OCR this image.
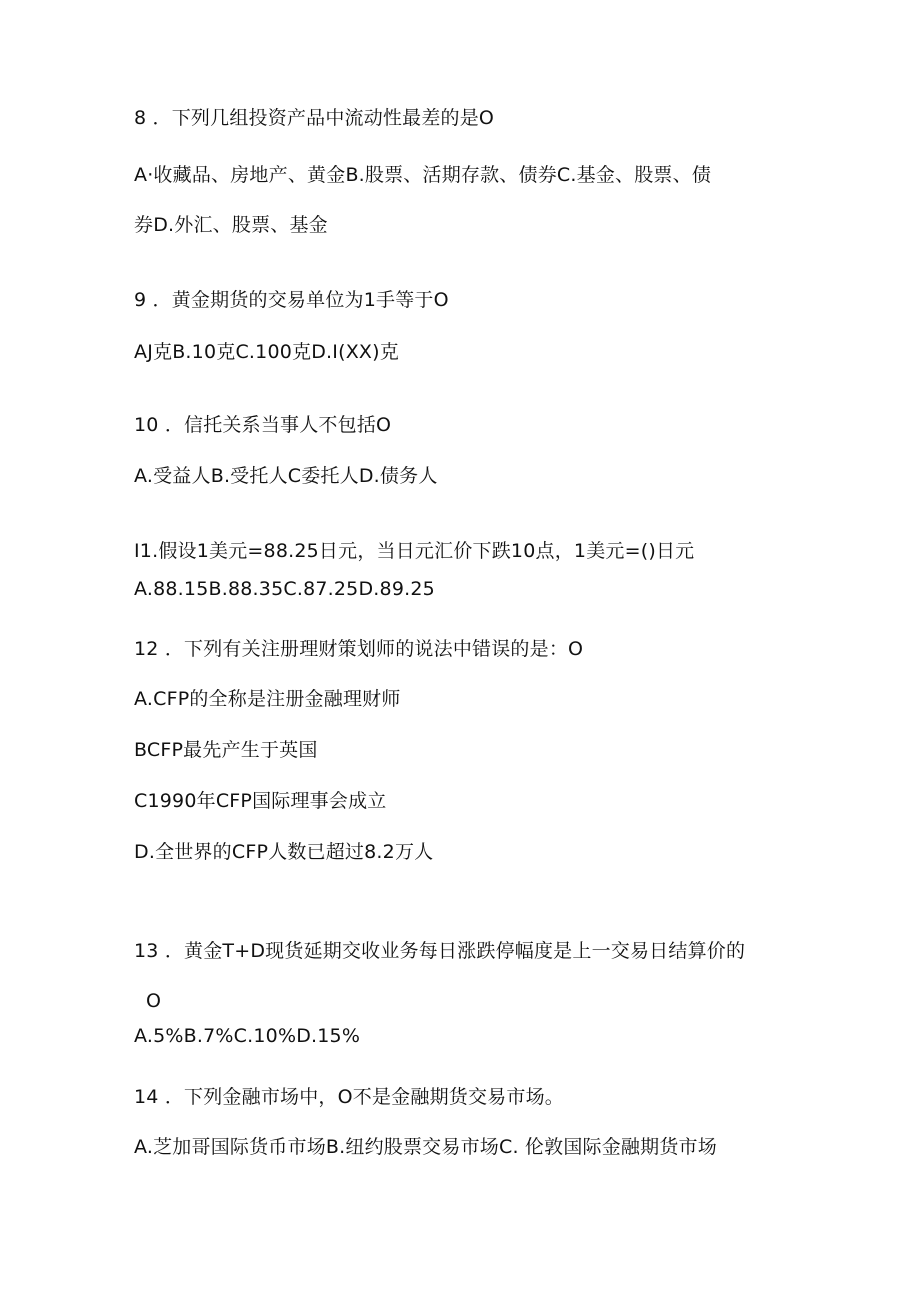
8 ．下列几组投资产品中流动性最差的是O
A·收藏品、房地产、黄金B.股票、活期存款、债券C.基金、股票、债
券D.外汇、股票、基金
9 ．黄金期货的交易单位为1手等于O
AJ克B.10克C.100克D.I(XX)克
10 ．信托关系当事人不包括O
A.受益人B.受托人C委托人D.债务人
I1.假设1美元=88.25日元，当日元汇价下跌10点，1美元=()日元
A.88.15B.88.35C.87.25D.89.25
12 ．下列有关注册理财策划师的说法中错误的是：O
A.CFP的全称是注册金融理财师
BCFP最先产生于英国
C1990年CFP国际理事会成立
D.全世界的CFP人数已超过8.2万人
13 ．黄金T+D现货延期交收业务每日涨跌停幅度是上一交易日结算价的
O
A.5%B.7%C.10%D.15%
14 ．下列金融市场中，O不是金融期货交易市场。
A.芝加哥国际货币市场B.纽约股票交易市场C. 伦敦国际金融期货市场
